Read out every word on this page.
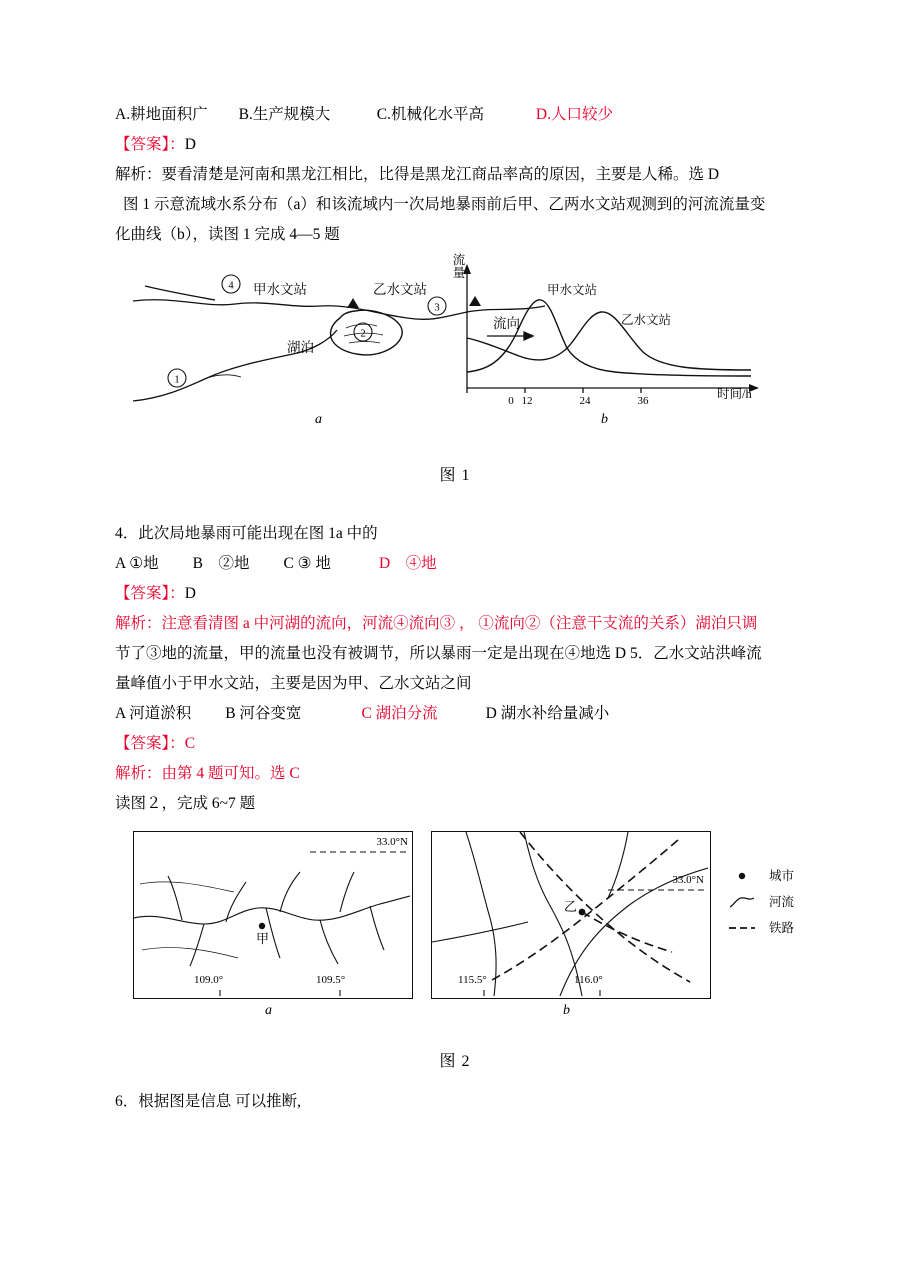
A.耕地面积广　　B.生产规模大　　　C.机械化水平高	D.人口较少
【答案】：D
解析：要看清楚是河南和黑龙江相比，比得是黑龙江商品率高的原因，主要是人稀。选 D
图 1 示意流域水系分布（a）和该流域内一次局地暴雨前后甲、乙两水文站观测到的河流流量变
化曲线（b），读图 1 完成 4—5 题
4
3
2
1
0 12	24	36
甲水文站	乙水文站
湖泊
流向
流量
时间/h
甲水文站
乙水文站
a	b
图 1
4．此次局地暴雨可能出现在图 1a 中的
A ①地 B　②地 C ③ 地	D　④地
【答案】：D
解析：注意看清图 a 中河湖的流向，河流④流向③ ， ①流向②（注意干支流的关系）湖泊只调
节了③地的流量，甲的流量也没有被调节，所以暴雨一定是出现在④地选 D 5．乙水文站洪峰流
量峰值小于甲水文站，主要是因为甲、乙水文站之间
A 河道淤积 B 河谷变宽	C 湖泊分流	D 湖水补给量减小
【答案】：C
解析：由第 4 题可知。选 C
读图２，完成 6~7 题
33.0°N
甲
109.0°	109.5°
a
33.0°N
乙
115.5°	116.0°
b
城市
河流
铁路
图 2
6．根据图是信息 可以推断,
